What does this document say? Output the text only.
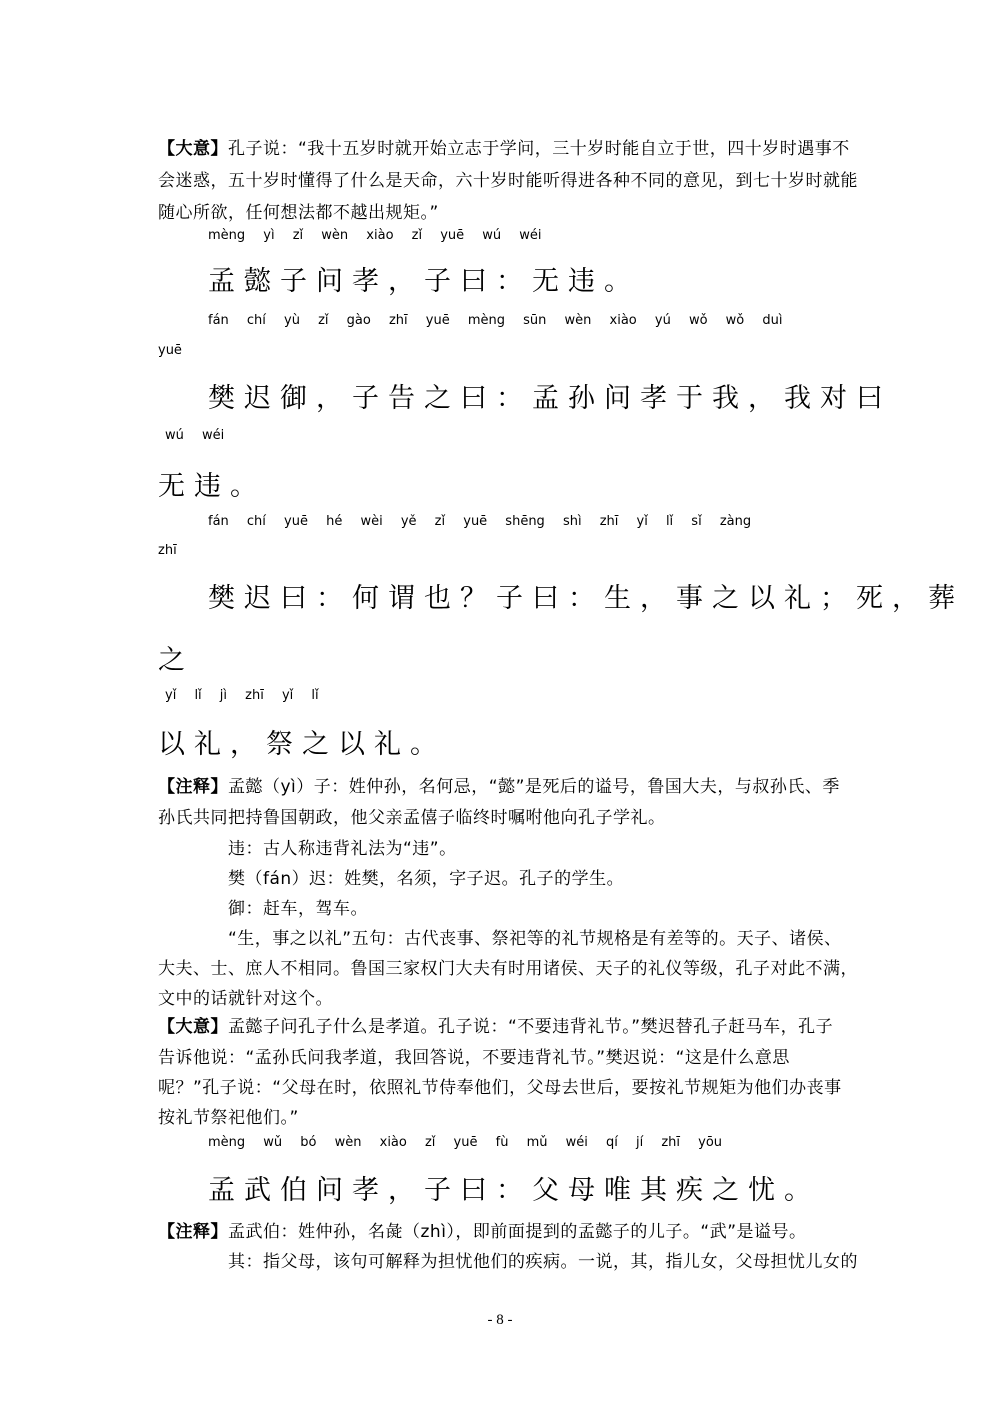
【大意】孔子说：“我十五岁时就开始立志于学问，三十岁时能自立于世，四十岁时遇事不
会迷惑，五十岁时懂得了什么是天命，六十岁时能听得进各种不同的意见，到七十岁时就能
随心所欲，任何想法都不越出规矩。”
mèng yì zǐ wèn xiào zǐ yuē wú wéi
孟懿子问孝，子曰：无违。
fán chí yù zǐ gào zhī yuē mèng sūn wèn xiào yú wǒ wǒ duì
yuē
樊迟御，子告之曰：孟孙问孝于我，我对曰
wú wéi
无违。
fán chí yuē hé wèi yě zǐ yuē shēng shì zhī yǐ lǐ sǐ zàng
zhī
樊迟曰：何谓也？子曰：生，事之以礼；死，葬
之
yǐ lǐ jì zhī yǐ lǐ
以礼，祭之以礼。
【注释】孟懿（yì）子：姓仲孙，名何忌，“懿”是死后的谥号，鲁国大夫，与叔孙氏、季
孙氏共同把持鲁国朝政，他父亲孟僖子临终时嘱咐他向孔子学礼。
违：古人称违背礼法为“违”。
樊（fán）迟：姓樊，名须，字子迟。孔子的学生。
御：赶车，驾车。
“生，事之以礼”五句：古代丧事、祭祀等的礼节规格是有差等的。天子、诸侯、
大夫、士、庶人不相同。鲁国三家权门大夫有时用诸侯、天子的礼仪等级，孔子对此不满，
文中的话就针对这个。
【大意】孟懿子问孔子什么是孝道。孔子说：“不要违背礼节。”樊迟替孔子赶马车，孔子
告诉他说：“孟孙氏问我孝道，我回答说，不要违背礼节。”樊迟说：“这是什么意思
呢？”孔子说：“父母在时，依照礼节侍奉他们，父母去世后，要按礼节规矩为他们办丧事
按礼节祭祀他们。”
mèng wǔ bó wèn xiào zǐ yuē fù mǔ wéi qí jí zhī yōu
孟武伯问孝，子曰：父母唯其疾之忧。
【注释】孟武伯：姓仲孙，名彘（zhì），即前面提到的孟懿子的儿子。“武”是谥号。
其：指父母，该句可解释为担忧他们的疾病。一说，其，指儿女，父母担忧儿女的
- 8 -
